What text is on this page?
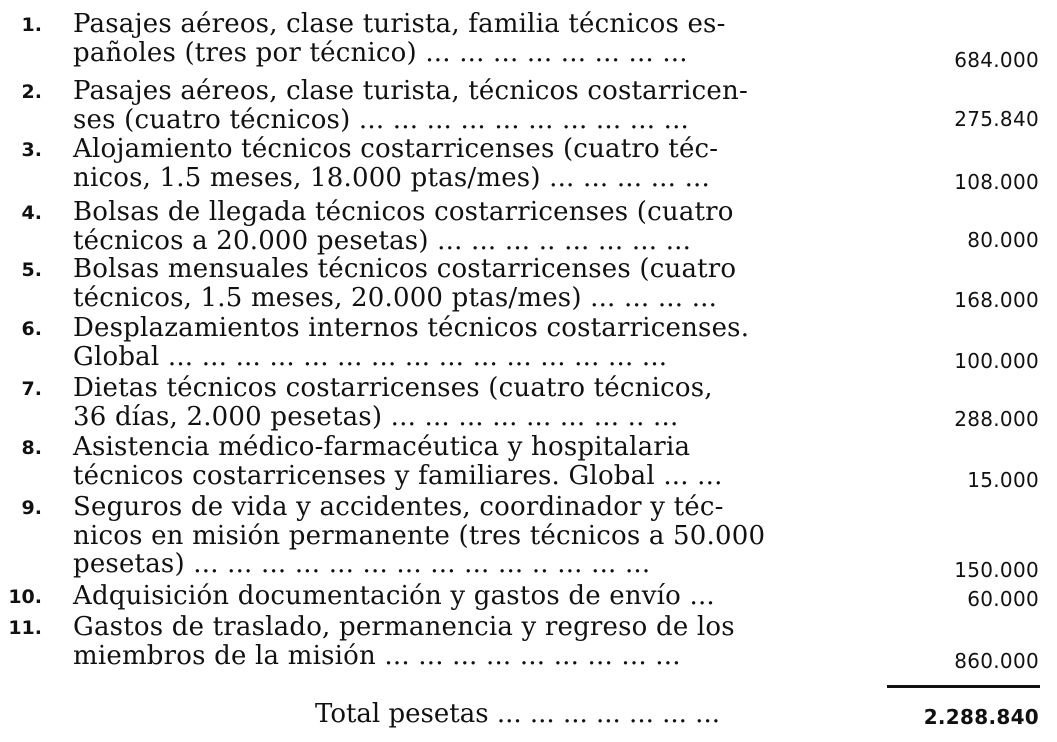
1. Pasajes aéreos, clase turista, familia técnicos es-
pañoles (tres por técnico) ... ... ... ... ... ... ... ...	684.000
2. Pasajes aéreos, clase turista, técnicos costarricen-
ses (cuatro técnicos) ... ... ... ... ... ... ... ... ... ...	275.840
3. Alojamiento técnicos costarricenses (cuatro téc-
nicos, 1.5 meses, 18.000 ptas/mes) ... ... ... ... ...	108.000
4. Bolsas de llegada técnicos costarricenses (cuatro
técnicos a 20.000 pesetas) ... ... ... .. ... ... ... ...	80.000
5. Bolsas mensuales técnicos costarricenses (cuatro
técnicos, 1.5 meses, 20.000 ptas/mes) ... ... ... ...	168.000
6. Desplazamientos internos técnicos costarricenses.
Global ... ... ... ... ... ... ... ... ... ... ... ... ... ... ...	100.000
7. Dietas técnicos costarricenses (cuatro técnicos,
36 días, 2.000 pesetas) ... ... ... ... ... ... ... .. ...	288.000
8. Asistencia médico-farmacéutica y hospitalaria
técnicos costarricenses y familiares. Global ... ...	15.000
9. Seguros de vida y accidentes, coordinador y téc-
nicos en misión permanente (tres técnicos a 50.000
pesetas) ... ... ... ... ... ... ... ... ... ... .. ... ... ...	150.000
10. Adquisición documentación y gastos de envío ...	60.000
11. Gastos de traslado, permanencia y regreso de los
miembros de la misión ... ... ... ... ... ... ... ... ...	860.000
Total pesetas ... ... ... ... ... ... ...	2.288.840
